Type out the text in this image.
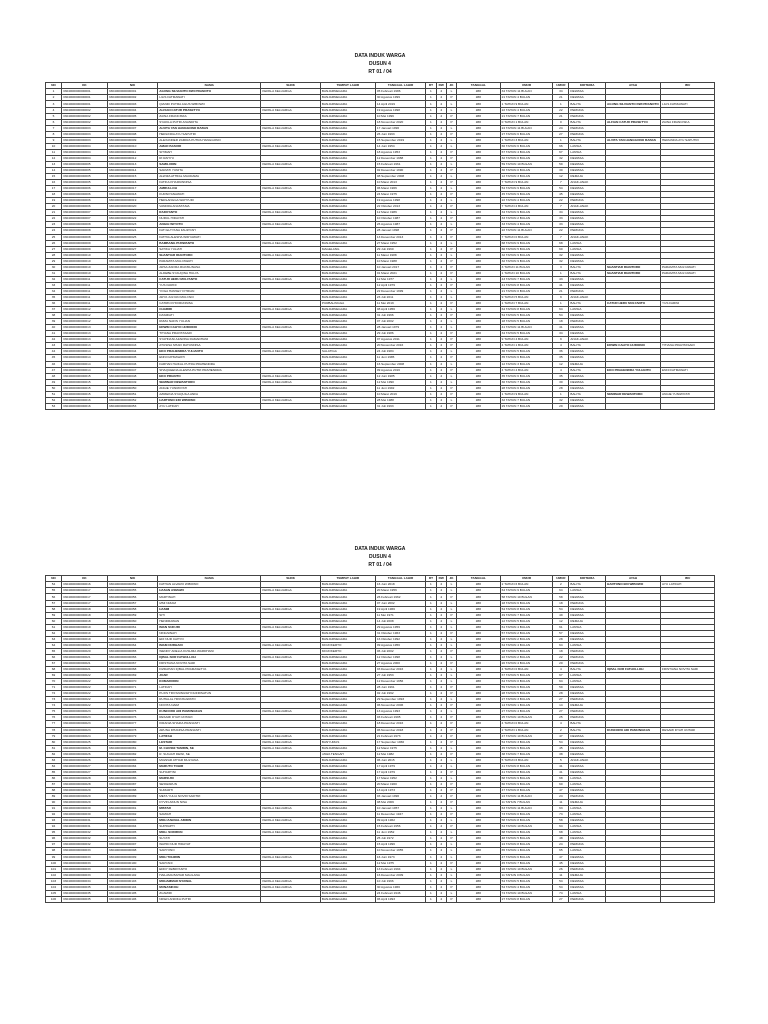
DATA INDUK WARGA
DUSUN 4
RT 01 / 04
NO	KK	NIK	NAMA	SHDK	TEMPAT LAHIR	TANGGAL LAHIR	RT	RW	JK	TANGGAL	UMUR	UMUR	KRITERIA	AYAH	IBU
1	3304000000000001	3304000000000001	AGUNG SILVIANTO DWI PRANOTO	KEPALA KELUARGA	BANJARNEGARA	05 Februari 1986	1	4	L	###	34 TAHUN 11 BULAN	34	DEWASA		
2	3304000000000001	3304000000000002	LILIS FATMAWATI		BANJARNEGARA	30 Agustus 1999	1	4	P	###	21 TAHUN 4 BULAN	21	DEWASA		
3	3304000000000001	3304000000000003	QIANDI PUTRA AGUS WIBOWO		BANJARNEGARA	14 April 2019	1	4	L	###	1 TAHUN 9 BULAN	1	BALITA	AGUNG SILVIANTO DWI PRANOTO	LILIS FATMAWATI
4	3304000000000002	3304000000000004	ALFIAN CATUR PRASETYO	KEPALA KELUARGA	BANJARNEGARA	19 Agustus 1998	1	4	L	###	22 TAHUN 4 BULAN	22	PEMUDA		
5	3304000000000002	3304000000000005	ZAINA FRANCISKA		BANJARNEGARA	10 Mei 1999	1	4	P	###	21 TAHUN 7 BULAN	21	PEMUDA		
6	3304000000000002	3304000000000006	SYAKILA PUTRI ANANDITA		BANJARNEGARA	18 November 2020	1	4	P	###	0 TAHUN 1 BULAN	0	BALITA	ALFIAN CATUR PRASETYO	ZAINA FRANCISKA
7	3304000000000003	3304000000000007	ALVITA YAN HANGGONO RABAS	KEPALA KELUARGA	BANJARNEGARA	17 Januari 1996	1	4	L	###	24 TAHUN 11 BULAN	24	PEMUDA		
8	3304000000000003	3304000000000008	HERLINDA AYU SAPUTRI		BANJARNEGARA	26 Juni 1993	1	4	P	###	27 TAHUN 6 BULAN	27	PEMUDA		
9	3304000000000003	3304000000000009	ALEXANDER ZAMIRA PUTRA HANGGONO		BANJARNEGARA	15 September 2019	1	4	L	###	1 TAHUN 3 BULAN	1	BALITA	ALVITA YAN HANGGONO RABAS	HERLINDA AYU SAPUTRI
10	3304000000000004	3304000000000010	AMAD BASURI	KEPALA KELUARGA	BANJARNEGARA	14 Juni 1954	1	4	L	###	66 TAHUN 6 BULAN	66	LANSIA		
11	3304000000000004	3304000000000011	SITIMAH		BANJARNEGARA	18 Agustus 1953	1	4	P	###	67 TAHUN 4 BULAN	67	LANSIA		
12	3304000000000004	3304000000000012	RI RAHYU		BANJARNEGARA	12 Desember 1988	1	4	P	###	32 TAHUN 0 BULAN	32	DEWASA		
13	3304000000000005	3304000000000013	SAMILUDIN	KEPALA KELUARGA	BANJARNEGARA	15 Februari 1961	1	4	L	###	59 TAHUN 10 BULAN	59	DEWASA		
14	3304000000000005	3304000000000014	SARIATI YUNITA		BANJARNEGARA	02 Desember 1990	1	4	P	###	30 TAHUN 0 BULAN	30	DEWASA		
15	3304000000000005	3304000000000015	ALWIZA ATHFAL MAUDAMA		BANJARNEGARA	08 September 2008	1	4	L	###	12 TAHUN 3 BULAN	12	REMAJA		
16	3304000000000005	3304000000000016	FATIKA KHAIRUNNISA		BANJARNEGARA	10 Maret 2013	1	4	P	###	7 TAHUN 9 BULAN	7	ANAK-ANAK		
17	3304000000000006	3304000000000017	AMRULLOH	KEPALA KELUARGA	BANJARNEGARA	06 Maret 1966	1	4	L	###	54 TAHUN 9 BULAN	54	DEWASA		
18	3304000000000006	3304000000000018	KURNIYANAWATI		BANJARNEGARA	24 Maret 1975	1	4	P	###	45 TAHUN 9 BULAN	45	DEWASA		
19	3304000000000006	3304000000000019	HERLANGGA WAHYUDI		BANJARNEGARA	19 Agustus 1998	1	4	L	###	22 TAHUN 4 BULAN	22	PEMUDA		
20	3304000000000006	3304000000000020	VANDRA ANASTASIA		BANJARNEGARA	22 Oktober 2013	1	4	P	###	7 TAHUN 2 BULAN	7	ANAK-ANAK		
21	3304000000000007	3304000000000021	RADIYANTO	KEPALA KELUARGA	BANJARNEGARA	12 Maret 1986	1	4	L	###	34 TAHUN 9 BULAN	34	DEWASA		
22	3304000000000007	3304000000000022	NURUL HIDAYATI		BANJARNEGARA	10 Oktober 1987	1	4	P	###	33 TAHUN 2 BULAN	33	DEWASA		
23	3304000000000008	3304000000000023	ANGGI WIYOTO	KEPALA KELUARGA	BANJARNEGARA	26 Agustus 1987	1	4	L	###	33 TAHUN 4 BULAN	33	DEWASA		
24	3304000000000008	3304000000000024	FATI ELTYANA FAUZIYAH		BANJARNEGARA	28 Januari 1998	1	4	P	###	22 TAHUN 11 BULAN	22	PEMUDA		
25	3304000000000008	3304000000000025	FATHIA ALESHA WIDYAWATI		BANJARNEGARA	13 Desember 2013	1	4	P	###	7 TAHUN 0 BULAN	7	ANAK-ANAK		
26	3304000000000009	3304000000000026	BAMBANG PURWANTO	KEPALA KELUARGA	BANJARNEGARA	27 Maret 1952	1	4	L	###	68 TAHUN 9 BULAN	68	LANSIA		
27	3304000000000009	3304000000000027	SATIKA YULIATI		MAGELANG	29 Juli 1960	1	4	P	###	60 TAHUN 5 BULAN	60	LANSIA		
28	3304000000000010	3304000000000028	SHANTIAR RIANTORO	KEPALA KELUARGA	BANJARNEGARA	11 Maret 1988	1	4	L	###	32 TAHUN 9 BULAN	32	DEWASA		
29	3304000000000010	3304000000000029	PARAMITA MULYAWATI		BANJARNEGARA	10 Maret 1988	1	4	P	###	32 TAHUN 9 BULAN	32	DEWASA		
30	3304000000000010	3304000000000030	ARSA ZAFIRA RIANSUNASA		BANJARNEGARA	10 Januari 2017	1	4	P	###	3 TAHUN 11 BULAN	3	BALITA	SHANTIAR RIANTORO	PARAMITA MULYAWATI
31	3304000000000010	3304000000000031	ALDEBE SYAUQINA HULYA		BANJARNEGARA	01 Maret 2021	1	4	P	###	1 TAHUN 10 BULAN	1	BALITA	SHANTIAR RIANTORO	PARAMITA MULYAWATI
32	3304000000000011	3304000000000032	CATUR HERU MULYANTO	KEPALA KELUARGA	BANJARNEGARA	12 Mei 1977	1	4	L	###	43 TAHUN 7 BULAN	43	DEWASA		
33	3304000000000011	3304000000000033	YUS FARINI		BANJARNEGARA	12 April 1979	1	4	P	###	41 TAHUN 8 BULAN	41	DEWASA		
34	3304000000000011	3304000000000034	YOGA HANSEY FITRIAN		BANJARNEGARA	22 Desember 1999	1	4	L	###	21 TAHUN 0 BULAN	21	PEMUDA		
35	3304000000000011	3304000000000035	ARYA JULYAN MULYADI		BANJARNEGARA	23 Juli 2011	1	4	L	###	9 TAHUN 5 BULAN	9	ANAK-ANAK		
36	3304000000000011	3304000000000036	CATRIN KHOIRUNNISA		PURBALINGGA	11 Mei 2019	1	4	P	###	1 TAHUN 7 BULAN	1	BALITA	CATUR HERU MULYANTO	YUS FARINI
37	3304000000000012	3304000000000037	CHARIRI	KEPALA KELUARGA	BANJARNEGARA	08 April 1956	1	4	L	###	64 TAHUN 8 BULAN	64	LANSIA		
38	3304000000000012	3304000000000038	DASMIATI		BANJARNEGARA	31 Juli 1966	1	4	P	###	54 TAHUN 5 BULAN	54	DEWASA		
39	3304000000000012	3304000000000039	RIZZA NAFIS YULIAN		BANJARNEGARA	07 Juli 2002	1	4	L	###	18 TAHUN 5 BULAN	18	PEMUDA		
40	3304000000000013	3304000000000040	EDWIN CAHYO HUDIONO	KEPALA KELUARGA	BANJARNEGARA	28 Januari 1979	1	4	L	###	41 TAHUN 11 BULAN	41	DEWASA		
41	3304000000000013	3304000000000041	TITIANA PRAVITASARI		BANJARNEGARA	29 Juli 1986	1	4	P	###	34 TAHUN 5 BULAN	34	DEWASA		
42	3304000000000013	3304000000000042	SYAHNANI AZARINA RAMADHANI		BANJARNEGARA	07 Agustus 2011	1	4	P	###	9 TAHUN 4 BULAN	9	ANAK-ANAK		
43	3304000000000013	3304000000000043	ATUSISA SHAFI RATUNNISA		BANJARNEGARA	20 November 2016	1	4	P	###	4 TAHUN 1 BULAN	4	BALITA	EDWIN CAHYO HUDIONO	TITIANA PRAVITASARI
44	3304000000000014	3304000000000044	EKO PRAHENDRA YULIANTO	KEPALA KELUARGA	SALATIGA	24 Juli 1984	1	4	L	###	36 TAHUN 5 BULAN	36	DEWASA		
45	3304000000000014	3304000000000045	ENNI FATMAWATI		BANJARNEGARA	11 Juni 1985	1	4	P	###	35 TAHUN 6 BULAN	35	DEWASA		
46	3304000000000014	3304000000000046	FARHAN HAIKAL PUTRA PRAHENDRA		BANJARNEGARA	16 September 2008	1	4	L	###	12 TAHUN 3 BULAN	12	REMAJA		
47	3304000000000014	3304000000000047	SHAQUEENA ALESHA PUTRI PRAHENDRA		BANJARNEGARA	09 Agustus 2016	1	4	P	###	4 TAHUN 4 BULAN	4	BALITA	EKO PRAHENDRA YULIANTO	ENNI FATMAWATI
48	3304000000000015	3304000000000048	EKO PRIANTO	KEPALA KELUARGA	BANJARNEGARA	12 Juni 1985	1	4	L	###	35 TAHUN 6 BULAN	35	DEWASA		
49	3304000000000015	3304000000000049	SEMINAR DEWANTORO	KEPALA KELUARGA	BANJARNEGARA	12 Mei 1990	1	4	L	###	30 TAHUN 7 BULAN	30	DEWASA		
50	3304000000000015	3304000000000050	ANGIE YUNIWIYATI		BANJARNEGARA	11 Juni 1992	1	4	P	###	28 TAHUN 6 BULAN	28	DEWASA		
51	3304000000000015	3304000000000051	AZRIEINA SYAQUILA ANFA		BANJARNEGARA	10 Maret 2019	1	4	P	###	1 TAHUN 9 BULAN	1	BALITA	SEMINAR DEWANTORO	ANGIE YUNIWIYATI
52	3304000000000016	3304000000000052	HARTONO EDI WIBOWO	KEPALA KELUARGA	BANJARNEGARA	28 Mei 1988	1	4	L	###	32 TAHUN 7 BULAN	32	DEWASA		
53	3304000000000016	3304000000000053	AYU LATIFAH		BANJARNEGARA	31 Juli 1993	1	4	P	###	29 TAHUN 7 BULAN	29	DEWASA		
DATA INDUK WARGA
DUSUN 4
RT 01 / 04
NO	KK	NIK	NAMA	SHDK	TEMPAT LAHIR	TANGGAL LAHIR	RT	RW	JK	TANGGAL	UMUR	UMUR	KRITERIA	AYAH	IBU
54	3304000000000016	3304000000000054	FATHAN ALVARO WIBOWO		BANJARNEGARA	16 Juni 2018	1	4	L	###	2 TAHUN 6 BULAN	2	BALITA	HARTONO EDI WIBOWO	AYU LATIFAH
55	3304000000000017	3304000000000055	HASAN ASMAWI	KEPALA KELUARGA	BANJARNEGARA	20 Maret 1956	1	4	L	###	64 TAHUN 9 BULAN	64	LANSIA		
56	3304000000000017	3304000000000056	MARTINAH		BANJARNEGARA	26 Februari 1962	1	4	P	###	58 TAHUN 10 BULAN	58	DEWASA		
57	3304000000000017	3304000000000057	IZMI NIZAM		BANJARNEGARA	07 Juni 2002	1	4	L	###	18 TAHUN 6 BULAN	18	PEMUDA		
58	3304000000000018	3304000000000058	HASIM	KEPALA KELUARGA	BANJARNEGARA	19 April 1966	1	4	L	###	54 TAHUN 8 BULAN	54	DEWASA		
59	3304000000000018	3304000000000059	SITI		BANJARNEGARA	11 Mei 1971	1	4	P	###	49 TAHUN 7 BULAN	49	DEWASA		
60	3304000000000018	3304000000000060	HENDRAWAN		BANJARNEGARA	14 Juli 2008	1	4	L	###	12 TAHUN 5 BULAN	12	REMAJA		
61	3304000000000019	3304000000000061	IMAN SUKURI	KEPALA KELUARGA	BANJARNEGARA	29 Agustus 1959	1	4	L	###	61 TAHUN 4 BULAN	61	LANSIA		
62	3304000000000019	3304000000000062	NINGSINAH		BANJARNEGARA	31 Oktober 1963	1	4	P	###	57 TAHUN 2 BULAN	57	DEWASA		
63	3304000000000019	3304000000000063	EDI NUR CAHYO		BANJARNEGARA	16 Oktober 1992	1	4	L	###	28 TAHUN 2 BULAN	28	DEWASA		
64	3304000000000020	3304000000000064	IMAM NURHADI	KEPALA KELUARGA	MOJOKERTO	09 Agustus 1956	1	4	L	###	64 TAHUN 4 BULAN	64	LANSIA		
65	3304000000000020	3304000000000065	WENDY ADELIA KUSUMA WARDHANI		MOJOKERTO	06 Juli 2002	1	4	P	###	18 TAHUN 5 BULAN	18	PEMUDA		
66	3304000000000021	3304000000000066	IQBAL NUR FATHULLOH	KEPALA KELUARGA	BANJARNEGARA	12 Oktober 1998	1	4	L	###	22 TAHUN 2 BULAN	22	PEMUDA		
67	3304000000000021	3304000000000067	FRISTIANA NOVITA SARI		BANJARNEGARA	27 Agustus 2000	1	4	P	###	20 TAHUN 4 BULAN	20	PEMUDA		
68	3304000000000021	3304000000000068	FIZDAHAN IQBAL PRAMASETYA		BANJARNEGARA	03 Desember 2016	1	4	L	###	4 TAHUN 0 BULAN	4	BALITA	IQBAL NUR FATHULLOH	FRISTIANA NOVITA SARI
69	3304000000000022	3304000000000069	JUAR	KEPALA KELUARGA	BANJARNEGARA	27 Juli 1953	1	4	L	###	67 TAHUN 5 BULAN	67	LANSIA		
70	3304000000000022	3304000000000070	KOMARUDIN	KEPALA KELUARGA	BANJARNEGARA	12 Desember 1956	1	4	L	###	64 TAHUN 0 BULAN	64	LANSIA		
71	3304000000000022	3304000000000071	LATIFAH		BANJARNEGARA	28 Juni 1961	1	4	P	###	59 TAHUN 6 BULAN	59	DEWASA		
72	3304000000000022	3304000000000072	PUJIS TRIYANINGSIH NUFRISATUN		BANJARNEGARA	02 Juli 1992	1	4	P	###	28 TAHUN 5 BULAN	28	DEWASA		
73	3304000000000022	3304000000000073	RUHALAL HIKINSUWATO		BANJARNEGARA	29 September 1993	1	4	L	###	27 TAHUN 3 BULAN	27	PEMUDA		
74	3304000000000022	3304000000000074	NOVITA NAIM		BANJARNEGARA	06 November 2006	1	4	P	###	14 TAHUN 1 BULAN	14	REMAJA		
75	3304000000000023	3304000000000075	KUNCORO ADI PAMUNGKAS	KEPALA KELUARGA	BANJARNEGARA	13 Agustus 1993	1	4	L	###	27 TAHUN 4 BULAN	27	PEMUDA		
76	3304000000000023	3304000000000076	RESAMI DYAH UNTARI		BANJARNEGARA	03 Februari 1995	1	4	P	###	25 TAHUN 10 BULAN	25	PEMUDA		
77	3304000000000023	3304000000000077	KIRANIA SHAZIA PRANASTI		BANJARNEGARA	18 Desember 2016	1	4	P	###	4 TAHUN 0 BULAN	4	BALITA		
78	3304000000000023	3304000000000078	ARUNA DHANISA PRANASTI		BANJARNEGARA	06 November 2018	1	4	P	###	2 TAHUN 1 BULAN	2	BALITA	KUNCORO ADI PAMUNGKAS	RESAMI DYAH UNTARI
79	3304000000000024	3304000000000079	LATIFAH	KEPALA KELUARGA	BANJARNEGARA	21 Februari 1973	1	4	P	###	47 TAHUN 10 BULAN	47	DEWASA		
80	3304000000000025	3304000000000080	LESTARI	KEPALA KELUARGA	BANYUMAS	17 September 1966	1	4	P	###	54 TAHUN 3 BULAN	54	DEWASA		
81	3304000000000026	3304000000000081	M. CHUSNI TAMRIN, SE	KEPALA KELUARGA	BANJARNEGARA	12 Maret 1975	1	4	L	###	45 TAHUN 9 BULAN	45	DEWASA		
82	3304000000000026	3304000000000082	R. SUGIAH DEWI, SE		JAWA TENGAH	12 Mei 1982	1	4	P	###	38 TAHUN 7 BULAN	38	DEWASA		
83	3304000000000026	3304000000000083	MUZZAR ATHAR MULYANA		BANJARNEGARA	06 Juni 2015	1	4	L	###	5 TAHUN 6 BULAN	5	ANAK-ANAK		
84	3304000000000027	3304000000000084	MARUTO TOHIR	KEPALA KELUARGA	BANJARNEGARA	17 April 1979	1	4	L	###	41 TAHUN 8 BULAN	41	DEWASA		
85	3304000000000027	3304000000000085	SUHARTINI		BANJARNEGARA	17 April 1979	1	4	P	###	41 TAHUN 8 BULAN	41	DEWASA		
86	3304000000000028	3304000000000086	MARSUDI	KEPALA KELUARGA	BANJARNEGARA	17 Maret 1952	1	4	L	###	68 TAHUN 9 BULAN	68	LANSIA		
87	3304000000000028	3304000000000087	SESWARUN		BANJARNEGARA	20 Maret 1960	1	4	P	###	60 TAHUN 9 BULAN	60	LANSIA		
88	3304000000000029	3304000000000088	SUMARTI		BANJARNEGARA	13 April 1973	1	4	P	###	47 TAHUN 8 BULAN	47	DEWASA		
89	3304000000000029	3304000000000089	META YULIA NOVRI SAFITRI		BANJARNEGARA	03 Januari 1996	1	4	P	###	24 TAHUN 11 BULAN	24	PEMUDA		
90	3304000000000029	3304000000000090	DYVIN AINUN NISA		BANJARNEGARA	08 Mei 2009	1	4	P	###	11 TAHUN 7 BULAN	11	REMAJA		
91	3304000000000030	3304000000000091	MISTAR	KEPALA KELUARGA	BANJARNEGARA	10 Januari 1957	1	4	L	###	63 TAHUN 11 BULAN	63	LANSIA		
92	3304000000000030	3304000000000092	SAMIAH		BANJARNEGARA	11 Desember 1947	1	4	P	###	73 TAHUN 0 BULAN	73	LANSIA		
93	3304000000000031	3304000000000093	MOH ZAENAL ABIDIN	KEPALA KELUARGA	BANJARNEGARA	09 April 1962	1	4	L	###	58 TAHUN 8 BULAN	58	DEWASA		
94	3304000000000031	3304000000000094	SUPRAPTI		BANJARNEGARA	15 Februari 1956	1	4	P	###	64 TAHUN 10 BULAN	64	LANSIA		
95	3304000000000032	3304000000000095	MOH. SODIRUN	KEPALA KELUARGA	BANJARNEGARA	11 Juni 1952	1	4	L	###	68 TAHUN 6 BULAN	68	LANSIA		
96	3304000000000032	3304000000000096	SUYATI		BANJARNEGARA	25 Juli 1972	1	4	P	###	48 TAHUN 5 BULAN	48	DEWASA		
97	3304000000000032	3304000000000097	WAHID NUR HIDAYAT		BANJARNEGARA	15 April 1996	1	4	L	###	24 TAHUN 8 BULAN	24	PEMUDA		
98	3304000000000033	3304000000000098	SARYONO		BANJARNEGARA	10 November 1955	1	4	L	###	65 TAHUN 1 BULAN	65	LANSIA		
99	3304000000000033	3304000000000099	MOH TOHIRIN	KEPALA KELUARGA	BANJARNEGARA	16 Juni 1973	1	4	L	###	47 TAHUN 6 BULAN	47	DEWASA		
100	3304000000000033	3304000000000100	SARYANI		BANJARNEGARA	12 Mei 1975	1	4	P	###	45 TAHUN 7 BULAN	45	DEWASA		
101	3304000000000033	3304000000000101	EDDY FEBRYANTO		BANJARNEGARA	13 Februari 1994	1	4	L	###	26 TAHUN 10 BULAN	26	PEMUDA		
102	3304000000000033	3304000000000102	HAILAMA BAHAR MAULANA		BANJARNEGARA	16 Desember 2009	1	4	L	###	11 TAHUN 0 BULAN	11	REMAJA		
103	3304000000000034	3304000000000103	MOHAMMAD NYAWAL	KEPALA KELUARGA	BANJARNEGARA	10 Juli 1966	1	4	L	###	54 TAHUN 5 BULAN	54	DEWASA		
104	3304000000000035	3304000000000104	MUNASIKOH	KEPALA KELUARGA	BANJARNEGARA	30 Agustus 1966	1	4	P	###	54 TAHUN 4 BULAN	54	DEWASA		
105	3304000000000035	3304000000000105	ZUAMIRI		BANJARNEGARA	24 Februari 1946	1	4	L	###	74 TAHUN 10 BULAN	74	LANSIA		
106	3304000000000035	3304000000000106	NIKEN ANDIKA PUTRI		BANJARNEGARA	06 April 1993	1	4	P	###	27 TAHUN 8 BULAN	27	PEMUDA		
